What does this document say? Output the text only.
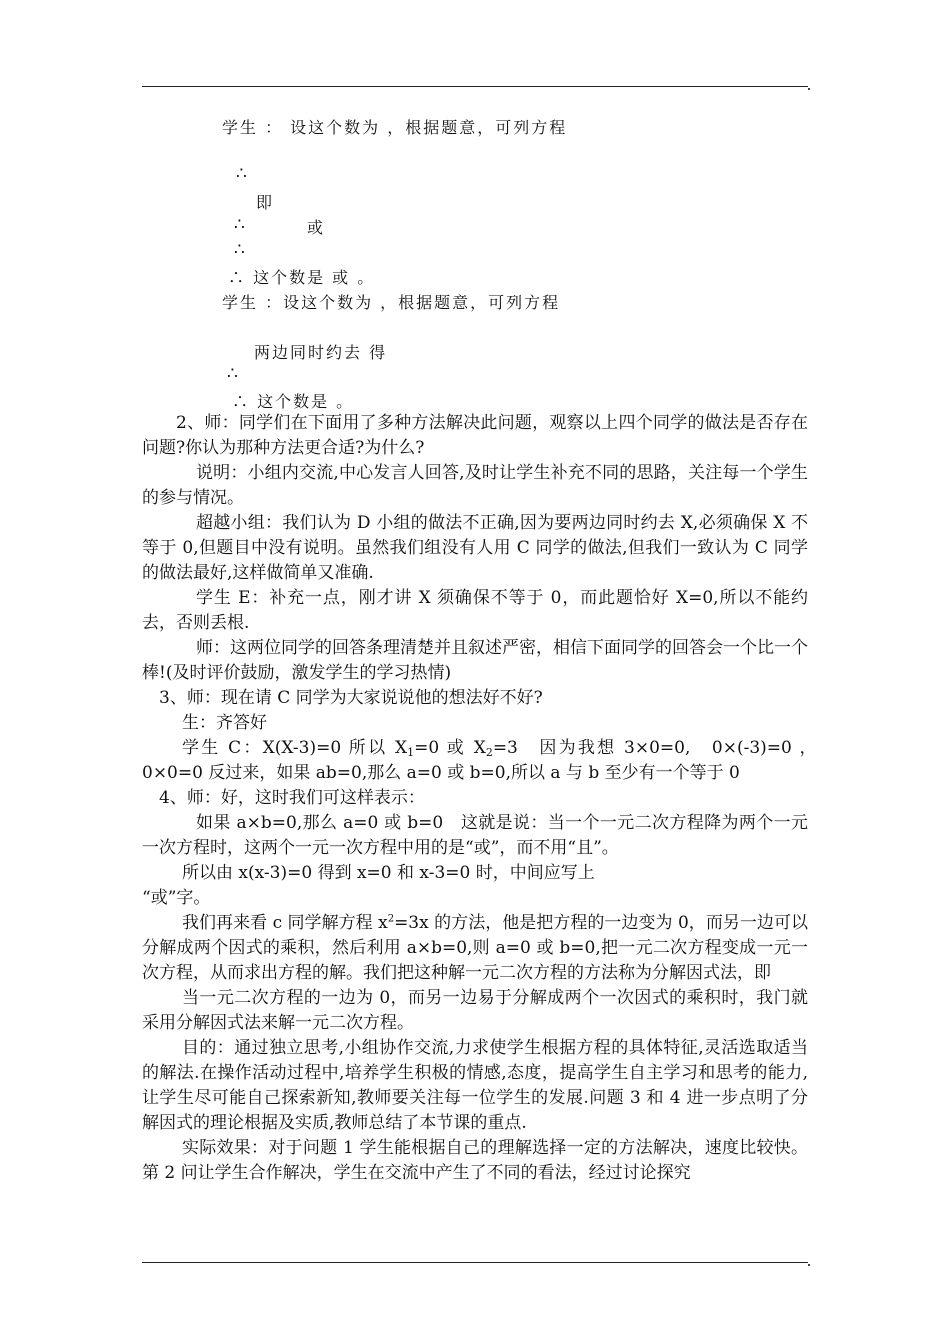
学生 ： 设这个数为 ，根据题意，可列方程
∴
即
∴	或
∴
∴ 这个数是 或 。
学生 ：设这个数为 ，根据题意，可列方程
两边同时约去 得
∴
∴ 这个数是 。

2、师：同学们在下面用了多种方法解决此问题，观察以上四个同学的做法是否存在问题?你认为那种方法更合适?为什么?

说明：小组内交流,中心发言人回答,及时让学生补充不同的思路，关注每一个学生的参与情况。

超越小组：我们认为 D 小组的做法不正确,因为要两边同时约去 X,必须确保 X 不等于 0,但题目中没有说明。虽然我们组没有人用 C 同学的做法,但我们一致认为 C 同学的做法最好,这样做简单又准确.

学生 E：补充一点，刚才讲 X 须确保不等于 0，而此题恰好 X=0,所以不能约去，否则丢根.

师：这两位同学的回答条理清楚并且叙述严密，相信下面同学的回答会一个比一个棒!(及时评价鼓励，激发学生的学习热情)

3、师：现在请 C 同学为大家说说他的想法好不好?

生：齐答好

学生 C：X(X-3)=0 所以 $X_1=0$ 或 $X_2=3$　因为我想 3×0=0,　0×(-3)=0 ，　0×0=0 反过来，如果 ab=0,那么 a=0 或 b=0,所以 a 与 b 至少有一个等于 0

4、师：好，这时我们可这样表示：

如果 a×b=0,那么 a=0 或 b=0　这就是说：当一个一元二次方程降为两个一元一次方程时，这两个一元一次方程中用的是“或”，而不用“且”。

所以由 x(x-3)=0 得到 x=0 和 x-3=0 时，中间应写上

“或”字。

我们再来看 c 同学解方程 $x^2=3x$ 的方法，他是把方程的一边变为 0，而另一边可以分解成两个因式的乘积，然后利用 a×b=0,则 a=0 或 b=0,把一元二次方程变成一元一次方程，从而求出方程的解。我们把这种解一元二次方程的方法称为分解因式法，即

当一元二次方程的一边为 0，而另一边易于分解成两个一次因式的乘积时，我门就采用分解因式法来解一元二次方程。

目的：通过独立思考,小组协作交流,力求使学生根据方程的具体特征,灵活选取适当的解法.在操作活动过程中,培养学生积极的情感,态度，提高学生自主学习和思考的能力,让学生尽可能自己探索新知,教师要关注每一位学生的发展.问题 3 和 4 进一步点明了分解因式的理论根据及实质,教师总结了本节课的重点.

实际效果：对于问题 1 学生能根据自己的理解选择一定的方法解决，速度比较快。第 2 问让学生合作解决，学生在交流中产生了不同的看法，经过讨论探究
